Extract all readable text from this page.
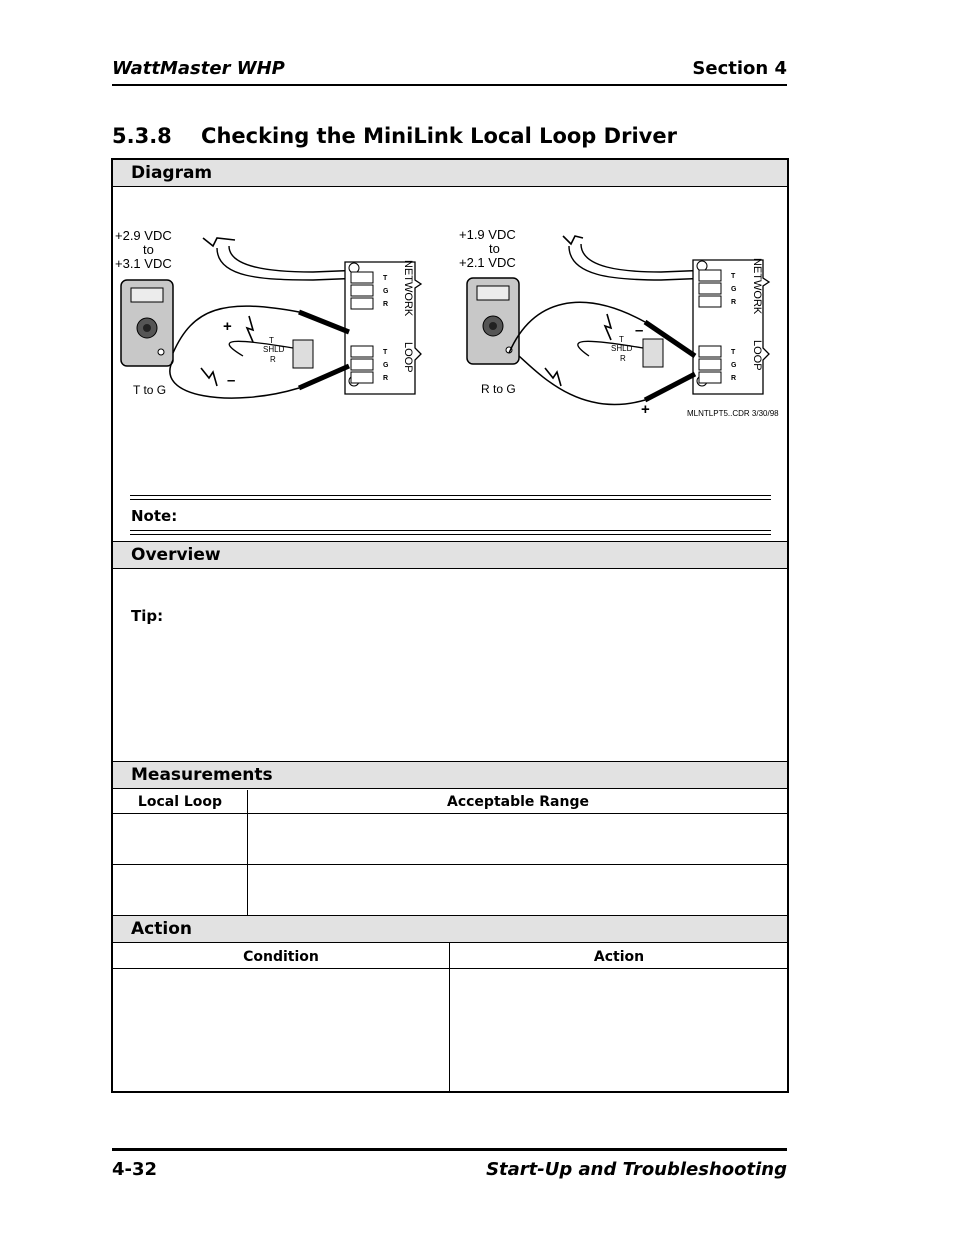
WattMaster WHP	Section 4
5.3.8    Checking the MiniLink Local Loop Driver
Diagram
+2.9 VDC
to
+3.1 VDC
T to G
+
–
T
G
R
T
G
R
NETWORK
LOOP
T
SHLD
R
+1.9 VDC
to
+2.1 VDC
R to G
–
+
T
G
R
T
G
R
NETWORK
LOOP
T
SHLD
R
MLNTLPT5..CDR 3/30/98
Note:
Overview
Tip:
Measurements
Local Loop	Acceptable Range
Action
Condition	Action
4-32	Start-Up and Troubleshooting
